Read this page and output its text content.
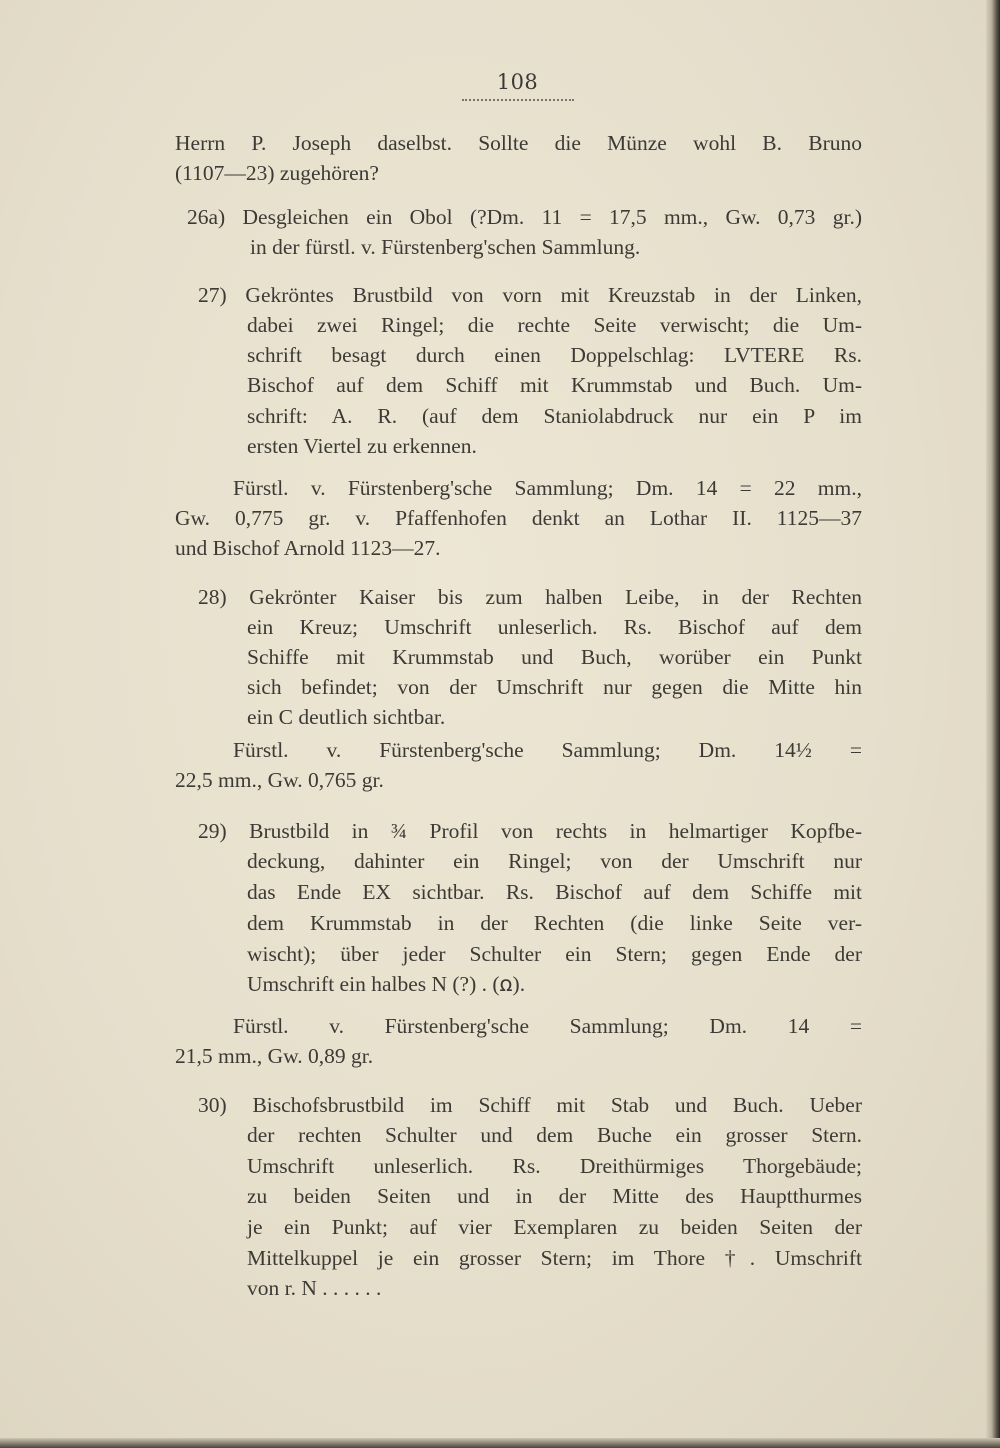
108
Herrn P. Joseph daselbst. Sollte die Münze wohl B. Bruno
(1107—23) zugehören?
26a) Desgleichen ein Obol (?Dm. 11 = 17,5 mm., Gw. 0,73 gr.)
in der fürstl. v. Fürstenberg'schen Sammlung.
27) Gekröntes Brustbild von vorn mit Kreuzstab in der Linken,
dabei zwei Ringel; die rechte Seite verwischt; die Um-
schrift besagt durch einen Doppelschlag: LVTERE Rs.
Bischof auf dem Schiff mit Krummstab und Buch. Um-
schrift: A. R. (auf dem Staniolabdruck nur ein P im
ersten Viertel zu erkennen.
Fürstl. v. Fürstenberg'sche Sammlung; Dm. 14 = 22 mm.,
Gw. 0,775 gr. v. Pfaffenhofen denkt an Lothar II. 1125—37
und Bischof Arnold 1123—27.
28) Gekrönter Kaiser bis zum halben Leibe, in der Rechten
ein Kreuz; Umschrift unleserlich. Rs. Bischof auf dem
Schiffe mit Krummstab und Buch, worüber ein Punkt
sich befindet; von der Umschrift nur gegen die Mitte hin
ein C deutlich sichtbar.
Fürstl. v. Fürstenberg'sche Sammlung; Dm. 14½ =
22,5 mm., Gw. 0,765 gr.
29) Brustbild in ¾ Profil von rechts in helmartiger Kopfbe-
deckung, dahinter ein Ringel; von der Umschrift nur
das Ende EX sichtbar. Rs. Bischof auf dem Schiffe mit
dem Krummstab in der Rechten (die linke Seite ver-
wischt); über jeder Schulter ein Stern; gegen Ende der
Umschrift ein halbes N (?) . (ꭥ).
Fürstl. v. Fürstenberg'sche Sammlung; Dm. 14 =
21,5 mm., Gw. 0,89 gr.
30) Bischofsbrustbild im Schiff mit Stab und Buch. Ueber
der rechten Schulter und dem Buche ein grosser Stern.
Umschrift unleserlich. Rs. Dreithürmiges Thorgebäude;
zu beiden Seiten und in der Mitte des Hauptthurmes
je ein Punkt; auf vier Exemplaren zu beiden Seiten der
Mittelkuppel je ein grosser Stern; im Thore †. Umschrift
von r. N . . . . . .
